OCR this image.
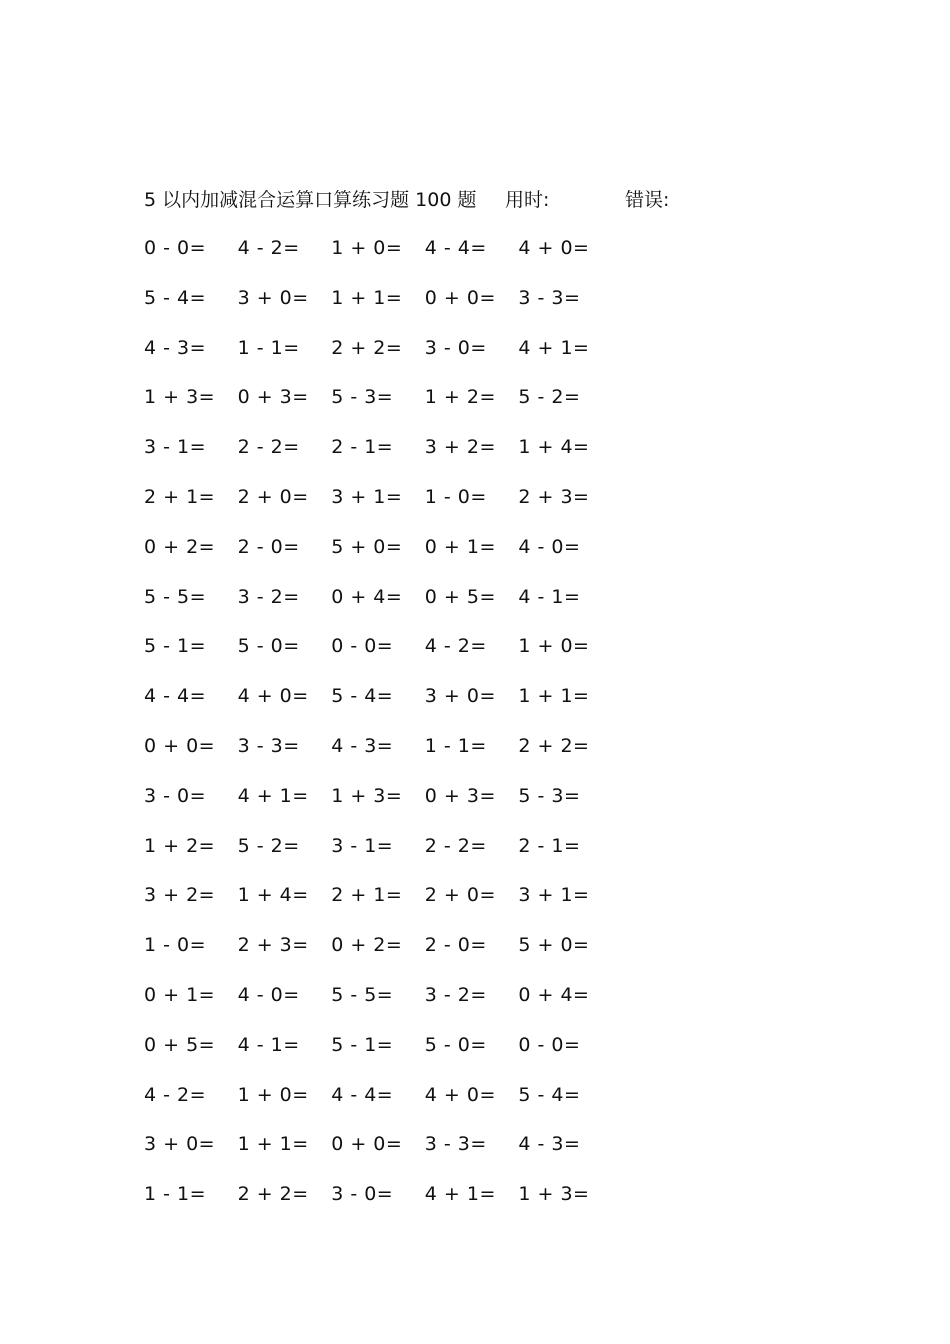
5 以内加减混合运算口算练习题 100 题 用时:	错误:
0 - 0=	4 - 2=	1 + 0=	4 - 4=	4 + 0=
5 - 4=	3 + 0=	1 + 1=	0 + 0=	3 - 3=
4 - 3=	1 - 1=	2 + 2=	3 - 0=	4 + 1=
1 + 3=	0 + 3=	5 - 3=	1 + 2=	5 - 2=
3 - 1=	2 - 2=	2 - 1=	3 + 2=	1 + 4=
2 + 1=	2 + 0=	3 + 1=	1 - 0=	2 + 3=
0 + 2=	2 - 0=	5 + 0=	0 + 1=	4 - 0=
5 - 5=	3 - 2=	0 + 4=	0 + 5=	4 - 1=
5 - 1=	5 - 0=	0 - 0=	4 - 2=	1 + 0=
4 - 4=	4 + 0=	5 - 4=	3 + 0=	1 + 1=
0 + 0=	3 - 3=	4 - 3=	1 - 1=	2 + 2=
3 - 0=	4 + 1=	1 + 3=	0 + 3=	5 - 3=
1 + 2=	5 - 2=	3 - 1=	2 - 2=	2 - 1=
3 + 2=	1 + 4=	2 + 1=	2 + 0=	3 + 1=
1 - 0=	2 + 3=	0 + 2=	2 - 0=	5 + 0=
0 + 1=	4 - 0=	5 - 5=	3 - 2=	0 + 4=
0 + 5=	4 - 1=	5 - 1=	5 - 0=	0 - 0=
4 - 2=	1 + 0=	4 - 4=	4 + 0=	5 - 4=
3 + 0=	1 + 1=	0 + 0=	3 - 3=	4 - 3=
1 - 1=	2 + 2=	3 - 0=	4 + 1=	1 + 3=
